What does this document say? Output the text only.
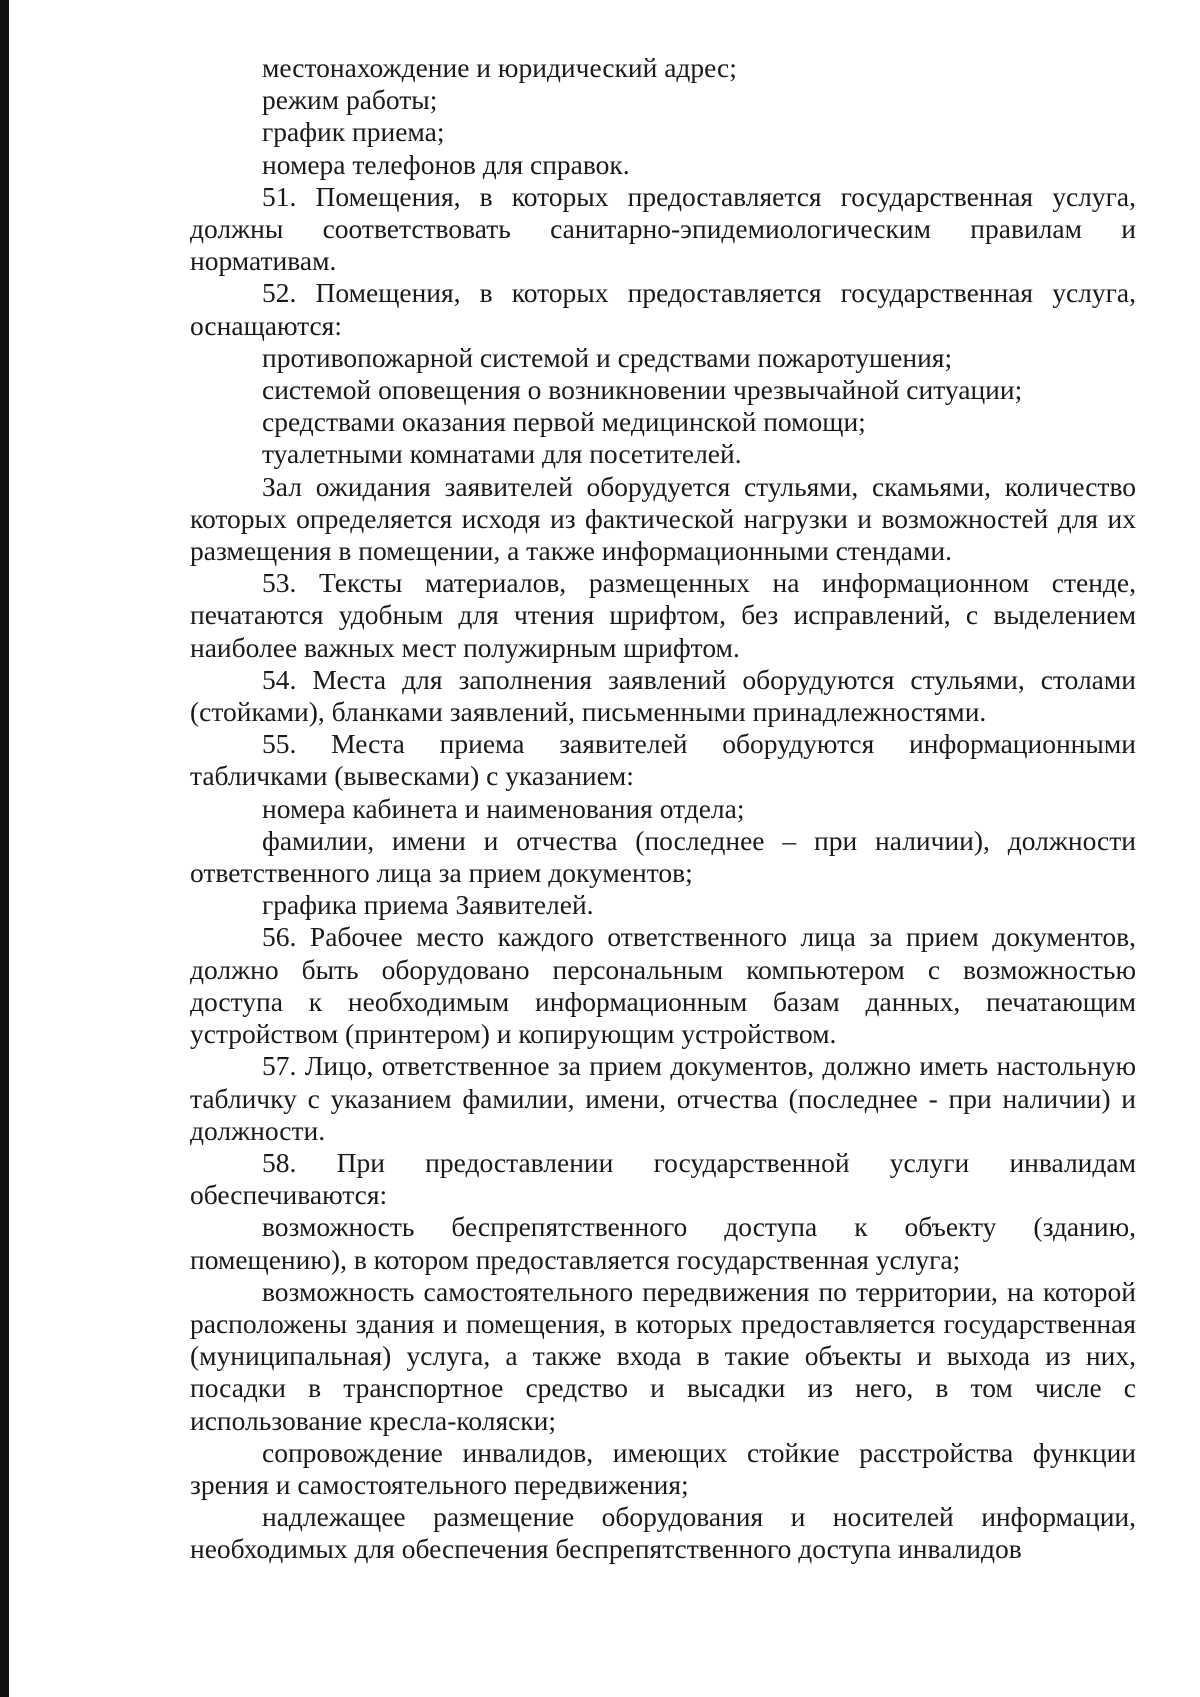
местонахождение и юридический адрес;

режим работы;

график приема;

номера телефонов для справок.

51. Помещения, в которых предоставляется государственная услуга, должны соответствовать санитарно-эпидемиологическим правилам и нормативам.

52. Помещения, в которых предоставляется государственная услуга, оснащаются:

противопожарной системой и средствами пожаротушения;

системой оповещения о возникновении чрезвычайной ситуации;

средствами оказания первой медицинской помощи;

туалетными комнатами для посетителей.

Зал ожидания заявителей оборудуется стульями, скамьями, количество которых определяется исходя из фактической нагрузки и возможностей для их размещения в помещении, а также информационными стендами.

53. Тексты материалов, размещенных на информационном стенде, печатаются удобным для чтения шрифтом, без исправлений, с выделением наиболее важных мест полужирным шрифтом.

54. Места для заполнения заявлений оборудуются стульями, столами (стойками), бланками заявлений, письменными принадлежностями.

55. Места приема заявителей оборудуются информационными табличками (вывесками) с указанием:

номера кабинета и наименования отдела;

фамилии, имени и отчества (последнее – при наличии), должности ответственного лица за прием документов;

графика приема Заявителей.

56. Рабочее место каждого ответственного лица за прием документов, должно быть оборудовано персональным компьютером с возможностью доступа к необходимым информационным базам данных, печатающим устройством (принтером) и копирующим устройством.

57. Лицо, ответственное за прием документов, должно иметь настольную табличку с указанием фамилии, имени, отчества (последнее - при наличии) и должности.

58. При предоставлении государственной услуги инвалидам обеспечиваются:

возможность беспрепятственного доступа к объекту (зданию, помещению), в котором предоставляется государственная услуга;

возможность самостоятельного передвижения по территории, на которой расположены здания и помещения, в которых предоставляется государственная (муниципальная) услуга, а также входа в такие объекты и выхода из них, посадки в транспортное средство и высадки из него, в том числе с использование кресла-коляски;

сопровождение инвалидов, имеющих стойкие расстройства функции зрения и самостоятельного передвижения;

надлежащее размещение оборудования и носителей информации, необходимых для обеспечения беспрепятственного доступа инвалидов
